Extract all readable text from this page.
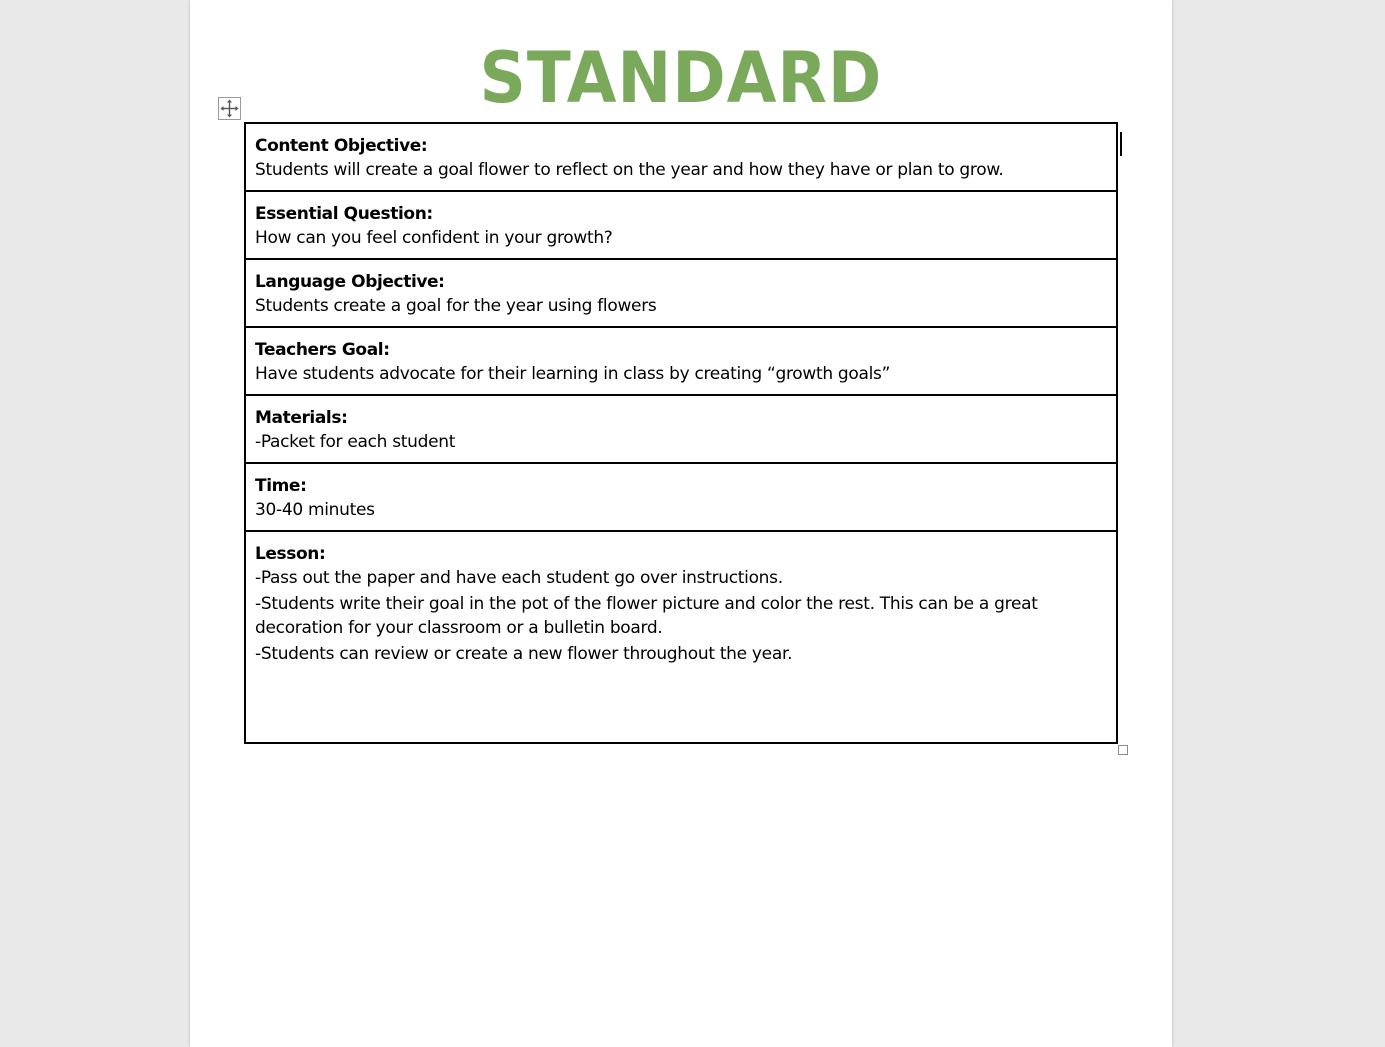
STANDARD
Content Objective:
Students will create a goal flower to reflect on the year and how they have or plan to grow.

Essential Question:
How can you feel confident in your growth?

Language Objective:
Students create a goal for the year using flowers

Teachers Goal:
Have students advocate for their learning in class by creating “growth goals”

Materials:
-Packet for each student

Time:
30-40 minutes

Lesson:
-Pass out the paper and have each student go over instructions.
-Students write their goal in the pot of the flower picture and color the rest. This can be a great decoration for your classroom or a bulletin board.
-Students can review or create a new flower throughout the year.
